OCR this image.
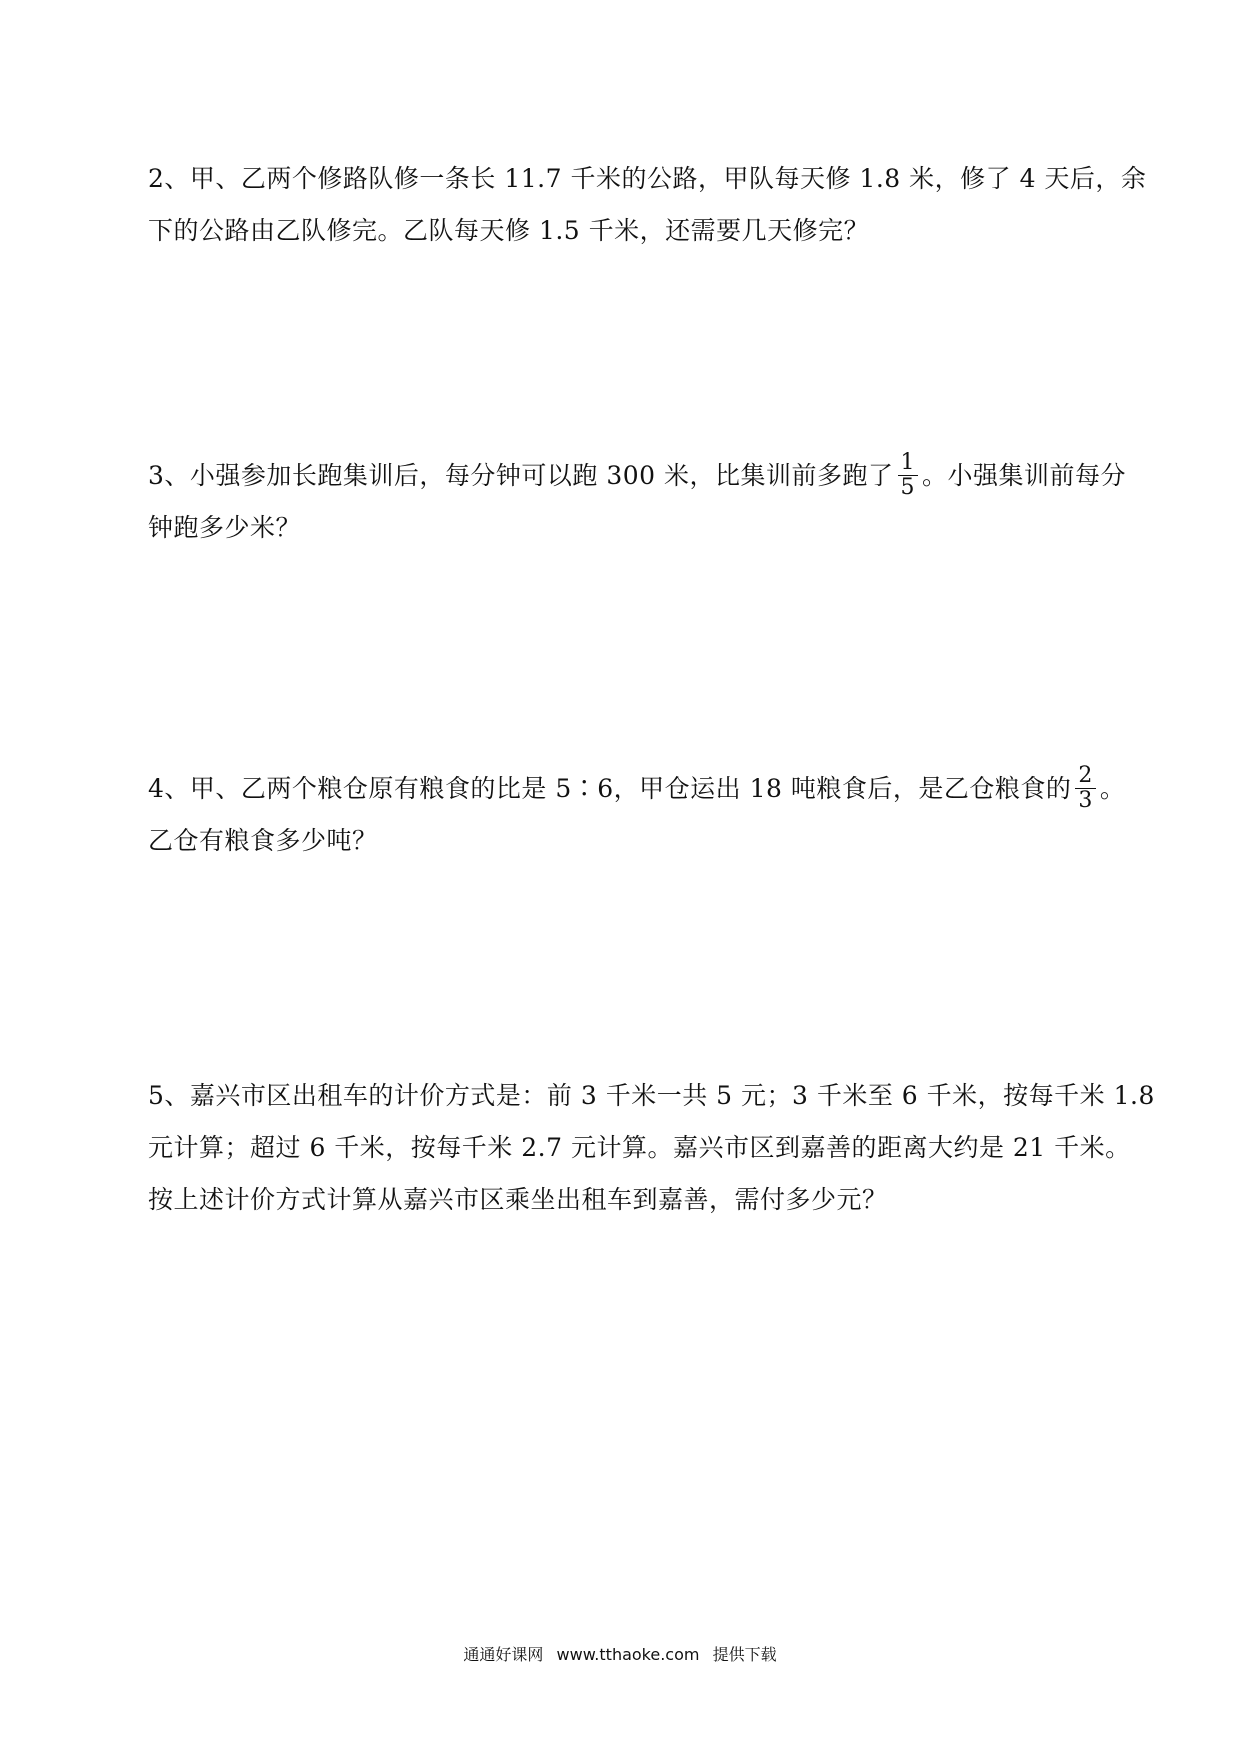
2、甲、乙两个修路队修一条长 11.7 千米的公路，甲队每天修 1.8 米，修了 4 天后，余

下的公路由乙队修完。乙队每天修 1.5 千米，还需要几天修完？

3、小强参加长跑集训后，每分钟可以跑 300 米，比集训前多跑了 $\frac{1}{5}$ 。小强集训前每分

钟跑多少米？

4、甲、乙两个粮仓原有粮食的比是 5∶6，甲仓运出 18 吨粮食后，是乙仓粮食的 $\frac{2}{3}$ 。

乙仓有粮食多少吨？

5、嘉兴市区出租车的计价方式是：前 3 千米一共 5 元；3 千米至 6 千米，按每千米 1.8

元计算；超过 6 千米，按每千米 2.7 元计算。嘉兴市区到嘉善的距离大约是 21 千米。

按上述计价方式计算从嘉兴市区乘坐出租车到嘉善，需付多少元？

通通好课网 www.tthaoke.com 提供下载
